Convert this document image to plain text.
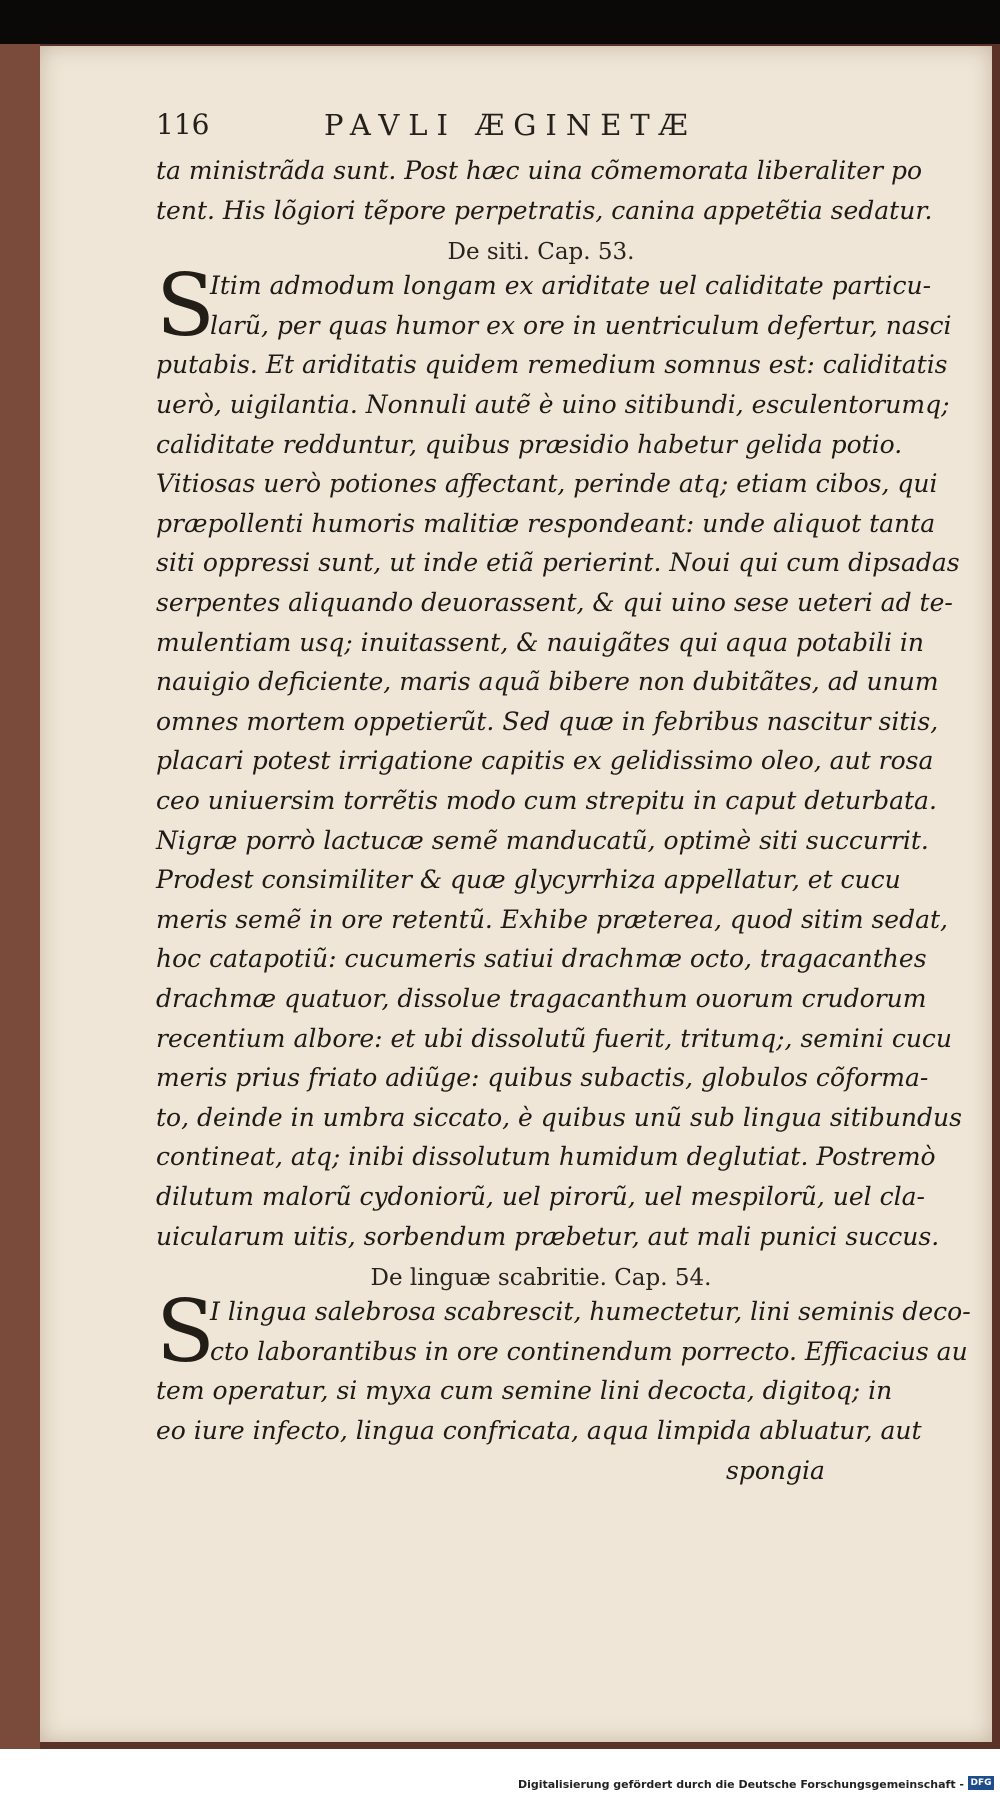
116	PAVLI ÆGINETÆ
ta ministrãda sunt. Post hæc uina cõmemorata liberaliter po
tent. His lõgiori tẽpore perpetratis, canina appetẽtia sedatur.
De siti. Cap. 53.
S
Itim admodum longam ex ariditate uel caliditate particu-
larũ, per quas humor ex ore in uentriculum defertur, nasci
putabis. Et ariditatis quidem remedium somnus est: caliditatis
uerò, uigilantia. Nonnuli autẽ è uino sitibundi, esculentorumq;
caliditate redduntur, quibus præsidio habetur gelida potio.
Vitiosas uerò potiones affectant, perinde atq; etiam cibos, qui
præpollenti humoris malitiæ respondeant: unde aliquot tanta
siti oppressi sunt, ut inde etiã perierint. Noui qui cum dipsadas
serpentes aliquando deuorassent, & qui uino sese ueteri ad te-
mulentiam usq; inuitassent, & nauigãtes qui aqua potabili in
nauigio deficiente, maris aquã bibere non dubitãtes, ad unum
omnes mortem oppetierũt. Sed quæ in febribus nascitur sitis,
placari potest irrigatione capitis ex gelidissimo oleo, aut rosa
ceo uniuersim torrẽtis modo cum strepitu in caput deturbata.
Nigræ porrò lactucæ semẽ manducatũ, optimè siti succurrit.
Prodest consimiliter & quæ glycyrrhiza appellatur, et cucu
meris semẽ in ore retentũ. Exhibe præterea, quod sitim sedat,
hoc catapotiũ: cucumeris satiui drachmæ octo, tragacanthes
drachmæ quatuor, dissolue tragacanthum ouorum crudorum
recentium albore: et ubi dissolutũ fuerit, tritumq;, semini cucu
meris prius friato adiũge: quibus subactis, globulos cõforma-
to, deinde in umbra siccato, è quibus unũ sub lingua sitibundus
contineat, atq; inibi dissolutum humidum deglutiat. Postremò
dilutum malorũ cydoniorũ, uel pirorũ, uel mespilorũ, uel cla-
uicularum uitis, sorbendum præbetur, aut mali punici succus.
De linguæ scabritie. Cap. 54.
S
I lingua salebrosa scabrescit, humectetur, lini seminis deco-
cto laborantibus in ore continendum porrecto. Efficacius au
tem operatur, si myxa cum semine lini decocta, digitoq; in
eo iure infecto, lingua confricata, aqua limpida abluatur, aut
spongia
Digitalisierung gefördert durch die Deutsche Forschungsgemeinschaft - DFG
